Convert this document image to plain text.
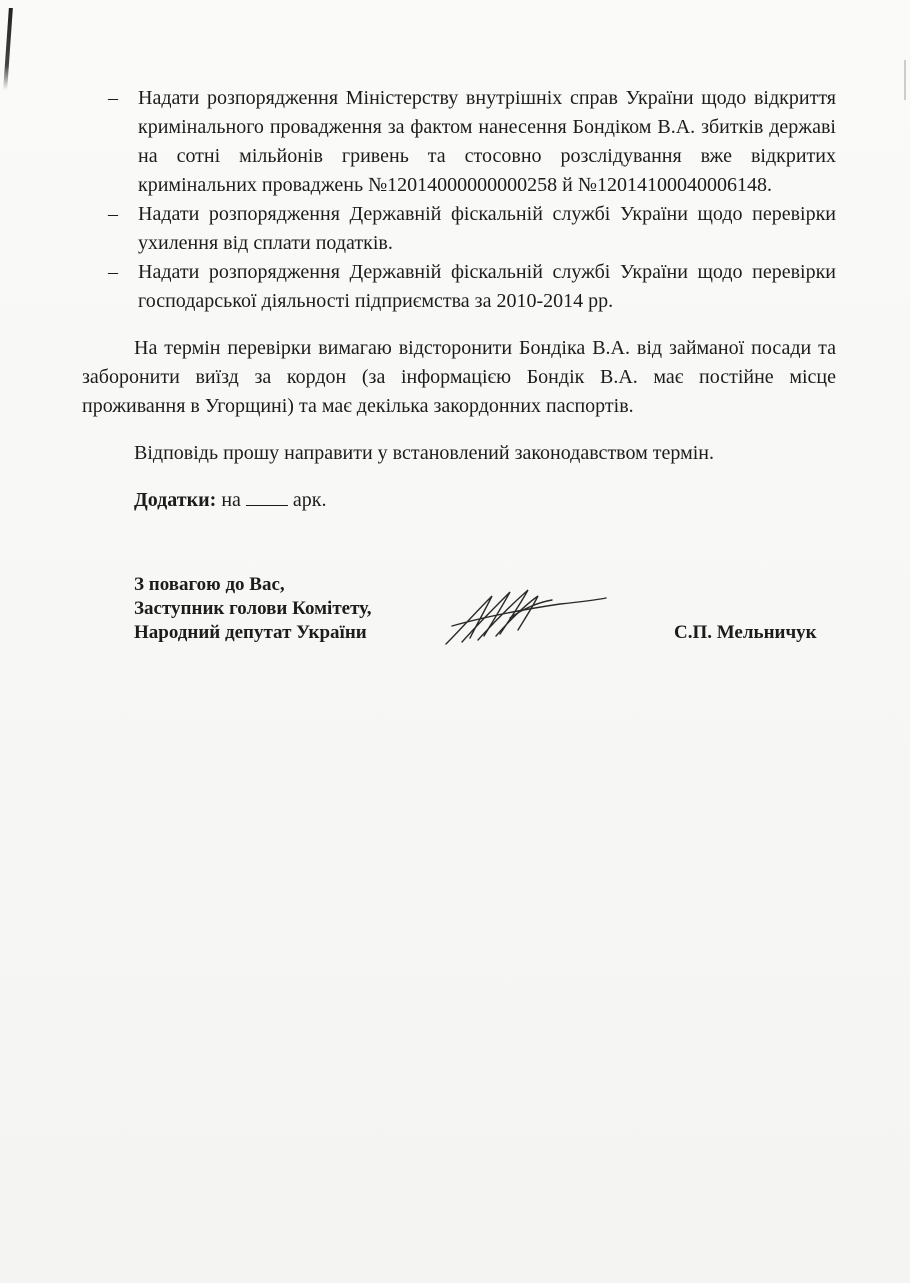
– Надати розпорядження Міністерству внутрішніх справ України щодо відкриття кримінального провадження за фактом нанесення Бондіком В.А. збитків державі на сотні мільйонів гривень та стосовно розслідування вже відкритих кримінальних проваджень №12014000000000258 й №12014100040006148.
– Надати розпорядження Державній фіскальній службі України щодо перевірки ухилення від сплати податків.
– Надати розпорядження Державній фіскальній службі України щодо перевірки господарської діяльності підприємства за 2010-2014 рр.
На термін перевірки вимагаю відсторонити Бондіка В.А. від займаної посади та заборонити виїзд за кордон (за інформацією Бондік В.А. має постійне місце проживання в Угорщині) та має декілька закордонних паспортів.
Відповідь прошу направити у встановлений законодавством термін.
Додатки: на	арк.
З повагою до Вас,
Заступник голови Комітету,
Народний депутат України	С.П. Мельничук
